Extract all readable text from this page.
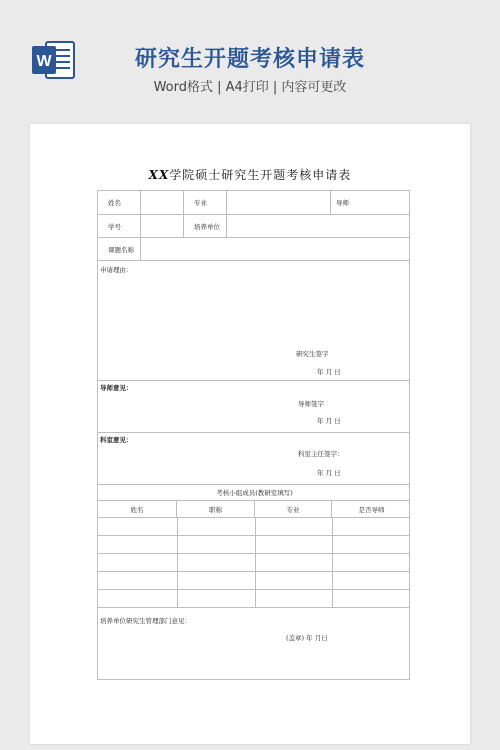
W	研究生开题考核申请表
Word格式 | A4打印 | 内容可更改
XX学院硕士研究生开题考核申请表
姓名	专业	导师
学号	培养单位
课题名称
申请理由：
研究生签字
年 月 日
导师意见：
导师签字
年 月 日
科室意见：
科室主任签字：
年 月 日
考核小组成员(教研室填写)
姓名	职称	专业	是否导师
培养单位研究生管理部门意见：
(盖章) 年 月日
